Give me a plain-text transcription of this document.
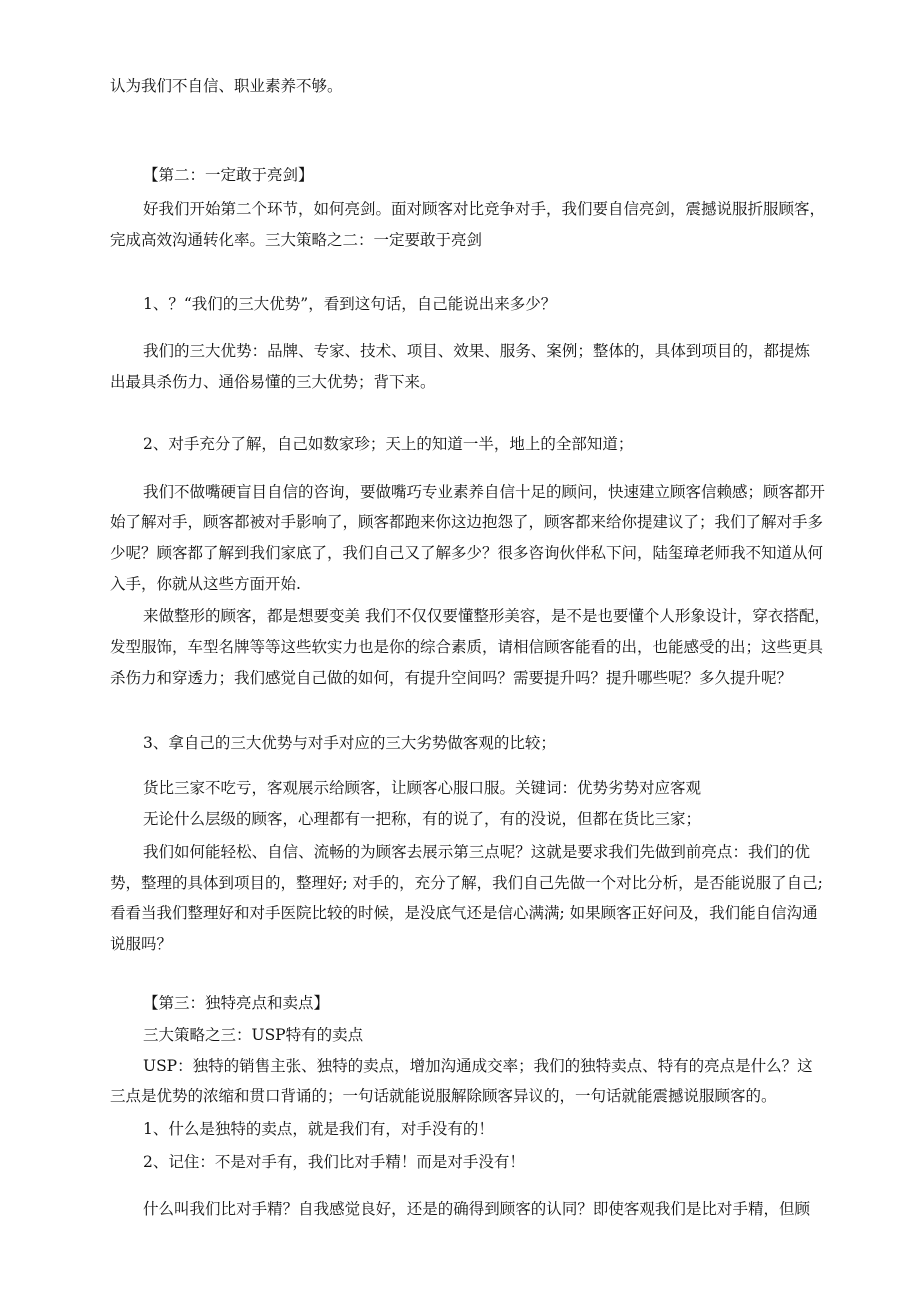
认为我们不自信、职业素养不够。
【第二：一定敢于亮剑】
好我们开始第二个环节，如何亮剑。面对顾客对比竞争对手，我们要自信亮剑，震撼说服折服顾客，
完成高效沟通转化率。三大策略之二：一定要敢于亮剑
1、？“我们的三大优势”，看到这句话，自己能说出来多少？
我们的三大优势：品牌、专家、技术、项目、效果、服务、案例；整体的，具体到项目的，都提炼
出最具杀伤力、通俗易懂的三大优势；背下来。
2、对手充分了解，自己如数家珍；天上的知道一半，地上的全部知道；
我们不做嘴硬盲目自信的咨询，要做嘴巧专业素养自信十足的顾问，快速建立顾客信赖感；顾客都开
始了解对手，顾客都被对手影响了，顾客都跑来你这边抱怨了，顾客都来给你提建议了；我们了解对手多
少呢？顾客都了解到我们家底了，我们自己又了解多少？很多咨询伙伴私下问，陆玺璋老师我不知道从何
入手，你就从这些方面开始.
来做整形的顾客，都是想要变美 我们不仅仅要懂整形美容，是不是也要懂个人形象设计，穿衣搭配，
发型服饰，车型名牌等等这些软实力也是你的综合素质，请相信顾客能看的出，也能感受的出；这些更具
杀伤力和穿透力；我们感觉自己做的如何，有提升空间吗？需要提升吗？提升哪些呢？多久提升呢？
3、拿自己的三大优势与对手对应的三大劣势做客观的比较；
货比三家不吃亏，客观展示给顾客，让顾客心服口服。关键词：优势劣势对应客观
无论什么层级的顾客，心理都有一把称，有的说了，有的没说，但都在货比三家；
我们如何能轻松、自信、流畅的为顾客去展示第三点呢？这就是要求我们先做到前亮点：我们的优
势，整理的具体到项目的，整理好; 对手的，充分了解，我们自己先做一个对比分析，是否能说服了自己;
看看当我们整理好和对手医院比较的时候，是没底气还是信心满满; 如果顾客正好问及，我们能自信沟通
说服吗？
【第三：独特亮点和卖点】
三大策略之三：USP特有的卖点
USP：独特的销售主张、独特的卖点，增加沟通成交率；我们的独特卖点、特有的亮点是什么？这
三点是优势的浓缩和贯口背诵的；一句话就能说服解除顾客异议的，一句话就能震撼说服顾客的。
1、什么是独特的卖点，就是我们有，对手没有的！
2、记住：不是对手有，我们比对手精！而是对手没有！
什么叫我们比对手精？自我感觉良好，还是的确得到顾客的认同？即使客观我们是比对手精，但顾
